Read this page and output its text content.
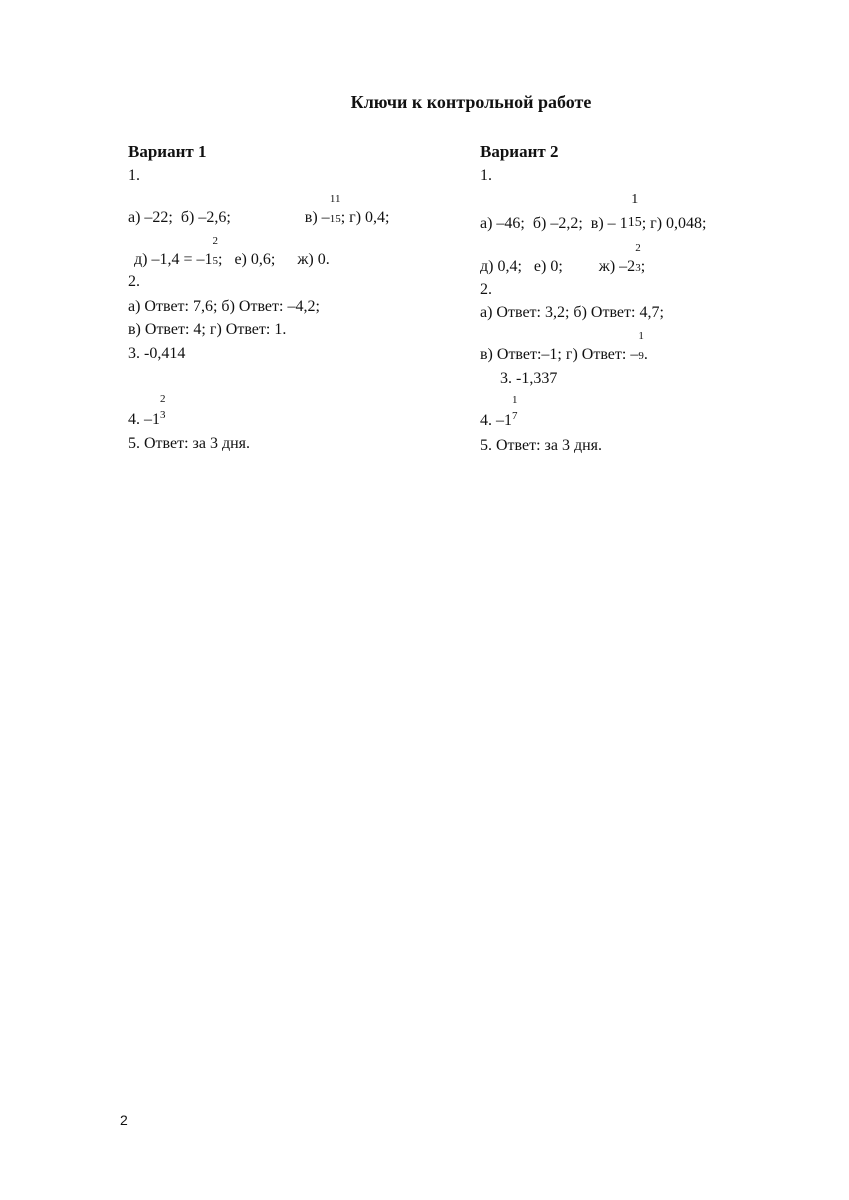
Ключи к контрольной работе
Вариант 1
1.
а) –22; б) –2,6;	в) –
11
15 ; г) 0,4;
д) –1,4 = –1
2
5 ; е) 0,6; ж) 0.
2.
а) Ответ: 7,6; б) Ответ: –4,2;
в) Ответ: 4; г) Ответ: 1.
3. -0,414
4. –1
2
3
5. Ответ: за 3 дня.
Вариант 2
1.
а) –46; б) –2,2; в) – 1
1
15 ; г) 0,048;
д) 0,4; е) 0; ж) –2
2
3 ;
2.
а) Ответ: 3,2; б) Ответ: 4,7;
в) Ответ:–1; г) Ответ: –
1
9 .
3. -1,337
4. –1
1
7
5. Ответ: за 3 дня.
2
